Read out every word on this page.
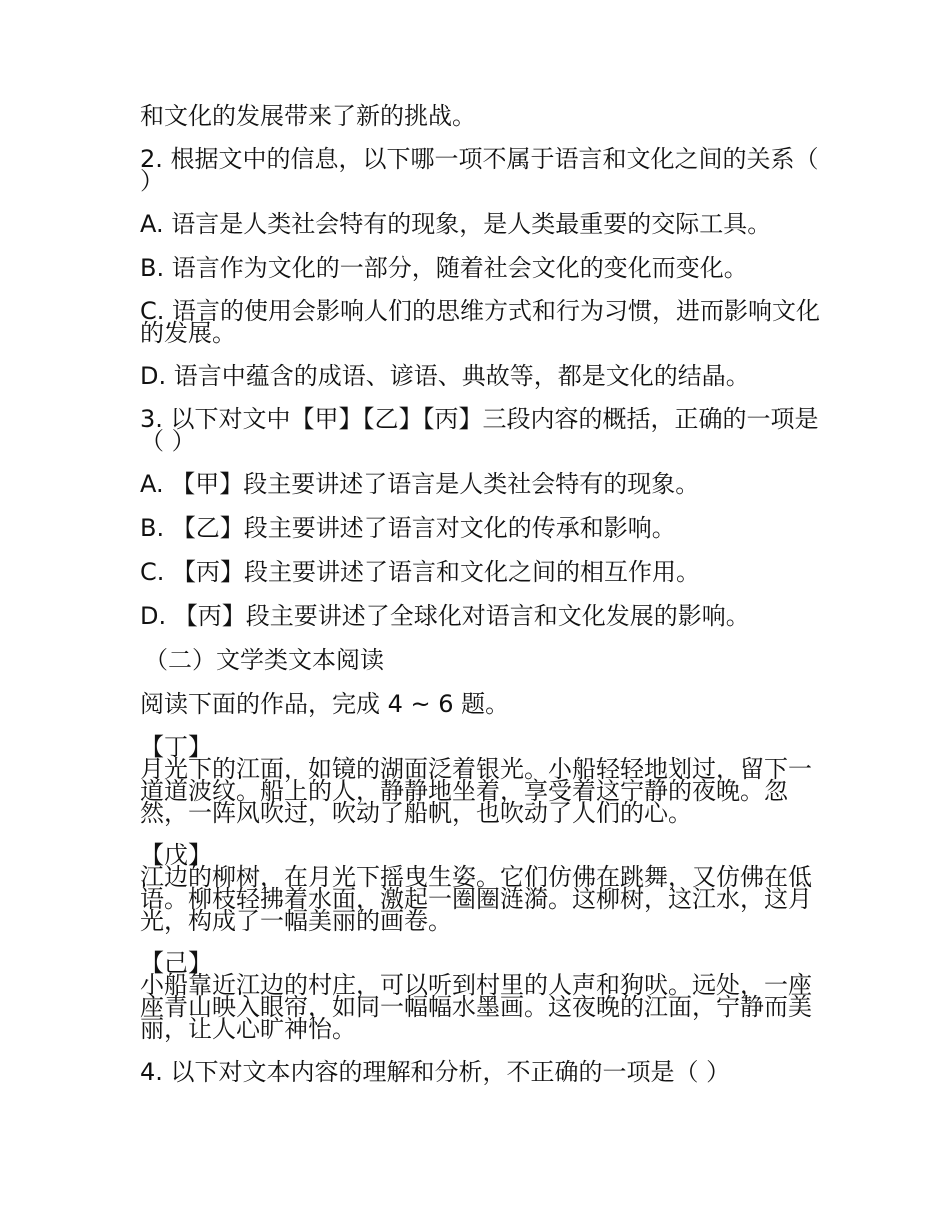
和文化的发展带来了新的挑战。

2. 根据文中的信息，以下哪一项不属于语言和文化之间的关系（ ）

A. 语言是人类社会特有的现象，是人类最重要的交际工具。

B. 语言作为文化的一部分，随着社会文化的变化而变化。

C. 语言的使用会影响人们的思维方式和行为习惯，进而影响文化的发展。

D. 语言中蕴含的成语、谚语、典故等，都是文化的结晶。

3. 以下对文中【甲】【乙】【丙】三段内容的概括，正确的一项是（ ）

A. 【甲】段主要讲述了语言是人类社会特有的现象。

B. 【乙】段主要讲述了语言对文化的传承和影响。

C. 【丙】段主要讲述了语言和文化之间的相互作用。

D. 【丙】段主要讲述了全球化对语言和文化发展的影响。

（二）文学类文本阅读

阅读下面的作品，完成 4 ~ 6 题。

【丁】

月光下的江面，如镜的湖面泛着银光。小船轻轻地划过，留下一道道波纹。船上的人，静静地坐着，享受着这宁静的夜晚。忽然，一阵风吹过，吹动了船帆，也吹动了人们的心。

【戊】

江边的柳树，在月光下摇曳生姿。它们仿佛在跳舞，又仿佛在低语。柳枝轻拂着水面，激起一圈圈涟漪。这柳树，这江水，这月光，构成了一幅美丽的画卷。

【己】

小船靠近江边的村庄，可以听到村里的人声和狗吠。远处，一座座青山映入眼帘，如同一幅幅水墨画。这夜晚的江面，宁静而美丽，让人心旷神怡。

4. 以下对文本内容的理解和分析，不正确的一项是（ ）
